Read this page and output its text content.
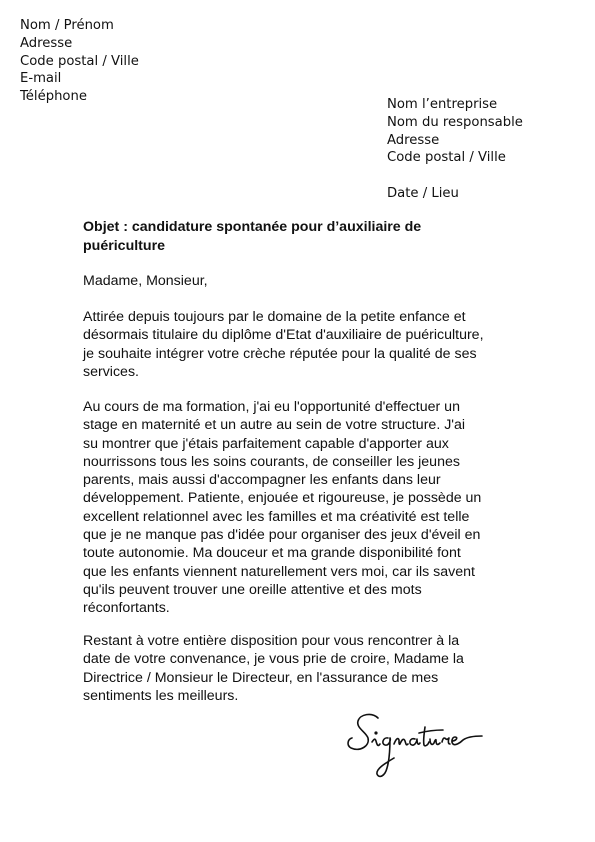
Nom / Prénom
Adresse
Code postal / Ville
E-mail
Téléphone
Nom l’entreprise
Nom du responsable
Adresse
Code postal / Ville
Date / Lieu
Objet : candidature spontanée pour d’auxiliaire de
puériculture
Madame, Monsieur,
Attirée depuis toujours par le domaine de la petite enfance et
désormais titulaire du diplôme d'Etat d'auxiliaire de puériculture,
je souhaite intégrer votre crèche réputée pour la qualité de ses
services.
Au cours de ma formation, j'ai eu l'opportunité d'effectuer un
stage en maternité et un autre au sein de votre structure. J'ai
su montrer que j'étais parfaitement capable d'apporter aux
nourrissons tous les soins courants, de conseiller les jeunes
parents, mais aussi d'accompagner les enfants dans leur
développement. Patiente, enjouée et rigoureuse, je possède un
excellent relationnel avec les familles et ma créativité est telle
que je ne manque pas d'idée pour organiser des jeux d'éveil en
toute autonomie. Ma douceur et ma grande disponibilité font
que les enfants viennent naturellement vers moi, car ils savent
qu'ils peuvent trouver une oreille attentive et des mots
réconfortants.
Restant à votre entière disposition pour vous rencontrer à la
date de votre convenance, je vous prie de croire, Madame la
Directrice / Monsieur le Directeur, en l'assurance de mes
sentiments les meilleurs.
